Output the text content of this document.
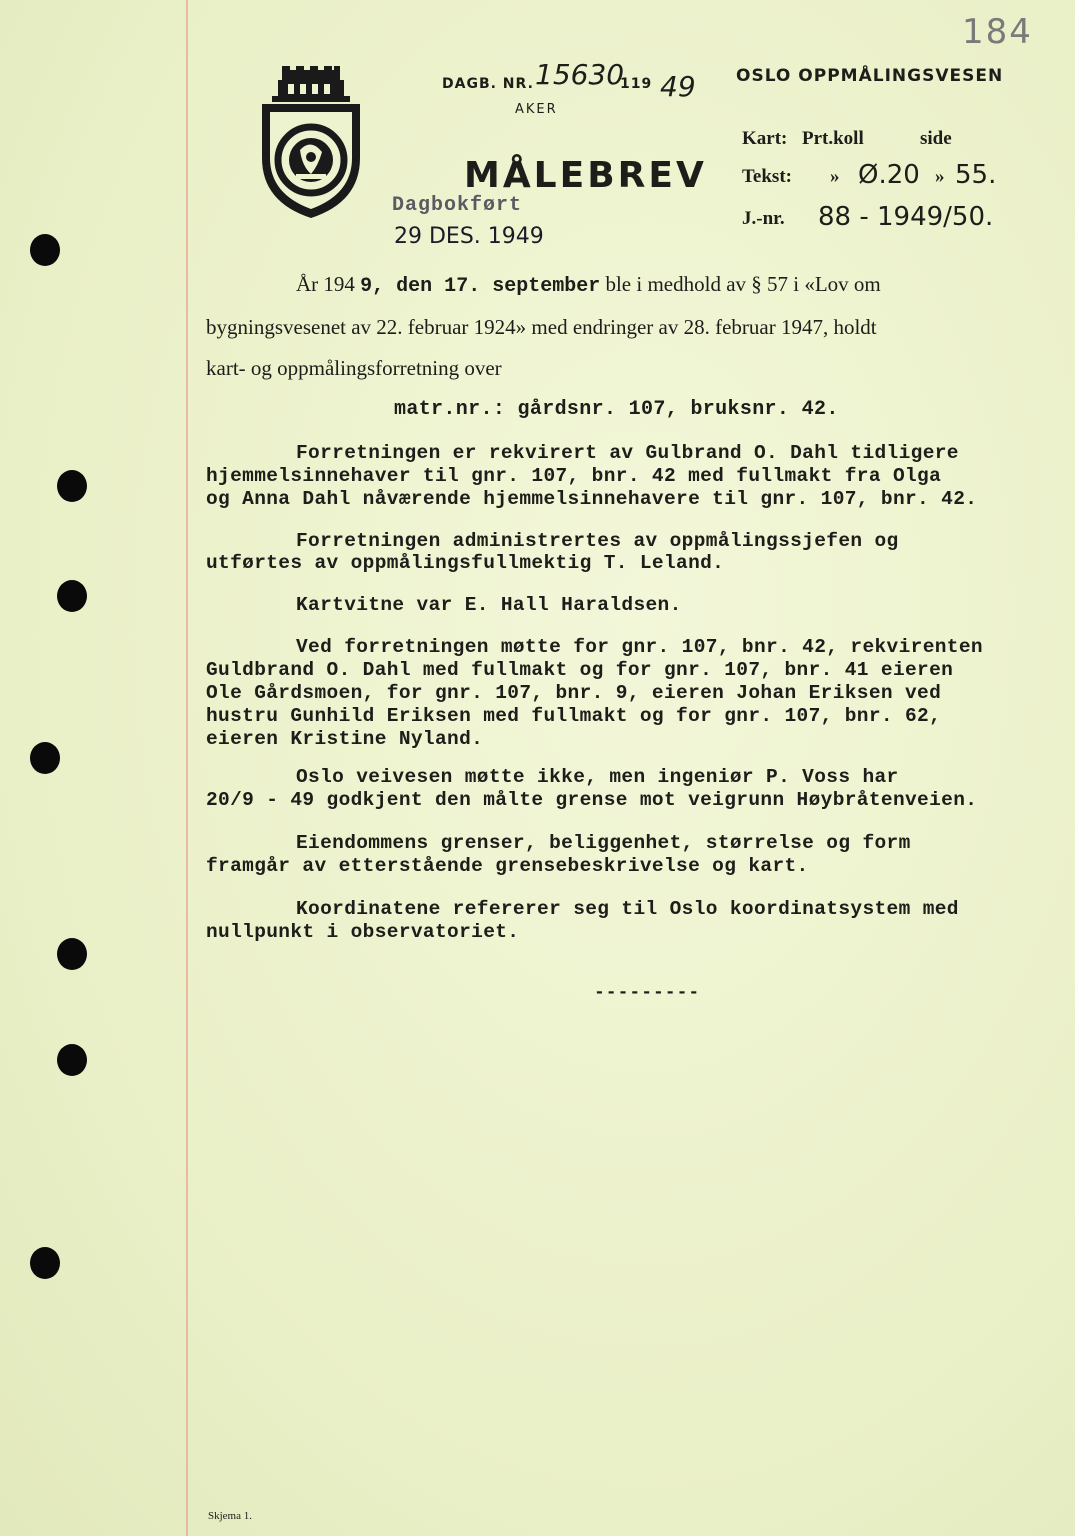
184
DAGB. NR. 15630
119 49
AKER
OSLO OPPMÅLINGSVESEN
MÅLEBREV
Dagbokført
29 DES. 1949
Kart: Prt.koll	side
Tekst: » Ø.20 » 55.
J.-nr. 88 - 1949/50.
År 194 9, den 17. september ble i medhold av § 57 i «Lov om
bygningsvesenet av 22. februar 1924» med endringer av 28. februar 1947, holdt
kart- og oppmålingsforretning over
matr.nr.: gårdsnr. 107, bruksnr. 42.
Forretningen er rekvirert av Gulbrand O. Dahl tidligere
hjemmelsinnehaver til gnr. 107, bnr. 42 med fullmakt fra Olga
og Anna Dahl nåværende hjemmelsinnehavere til gnr. 107, bnr. 42.
Forretningen administrertes av oppmålingssjefen og
utførtes av oppmålingsfullmektig T. Leland.
Kartvitne var E. Hall Haraldsen.
Ved forretningen møtte for gnr. 107, bnr. 42, rekvirenten
Guldbrand O. Dahl med fullmakt og for gnr. 107, bnr. 41 eieren
Ole Gårdsmoen, for gnr. 107, bnr. 9, eieren Johan Eriksen ved
hustru Gunhild Eriksen med fullmakt og for gnr. 107, bnr. 62,
eieren Kristine Nyland.
Oslo veivesen møtte ikke, men ingeniør P. Voss har
20/9 - 49 godkjent den målte grense mot veigrunn Høybråtenveien.
Eiendommens grenser, beliggenhet, størrelse og form
framgår av etterstående grensebeskrivelse og kart.
Koordinatene refererer seg til Oslo koordinatsystem med
nullpunkt i observatoriet.
---------
Skjema 1.
